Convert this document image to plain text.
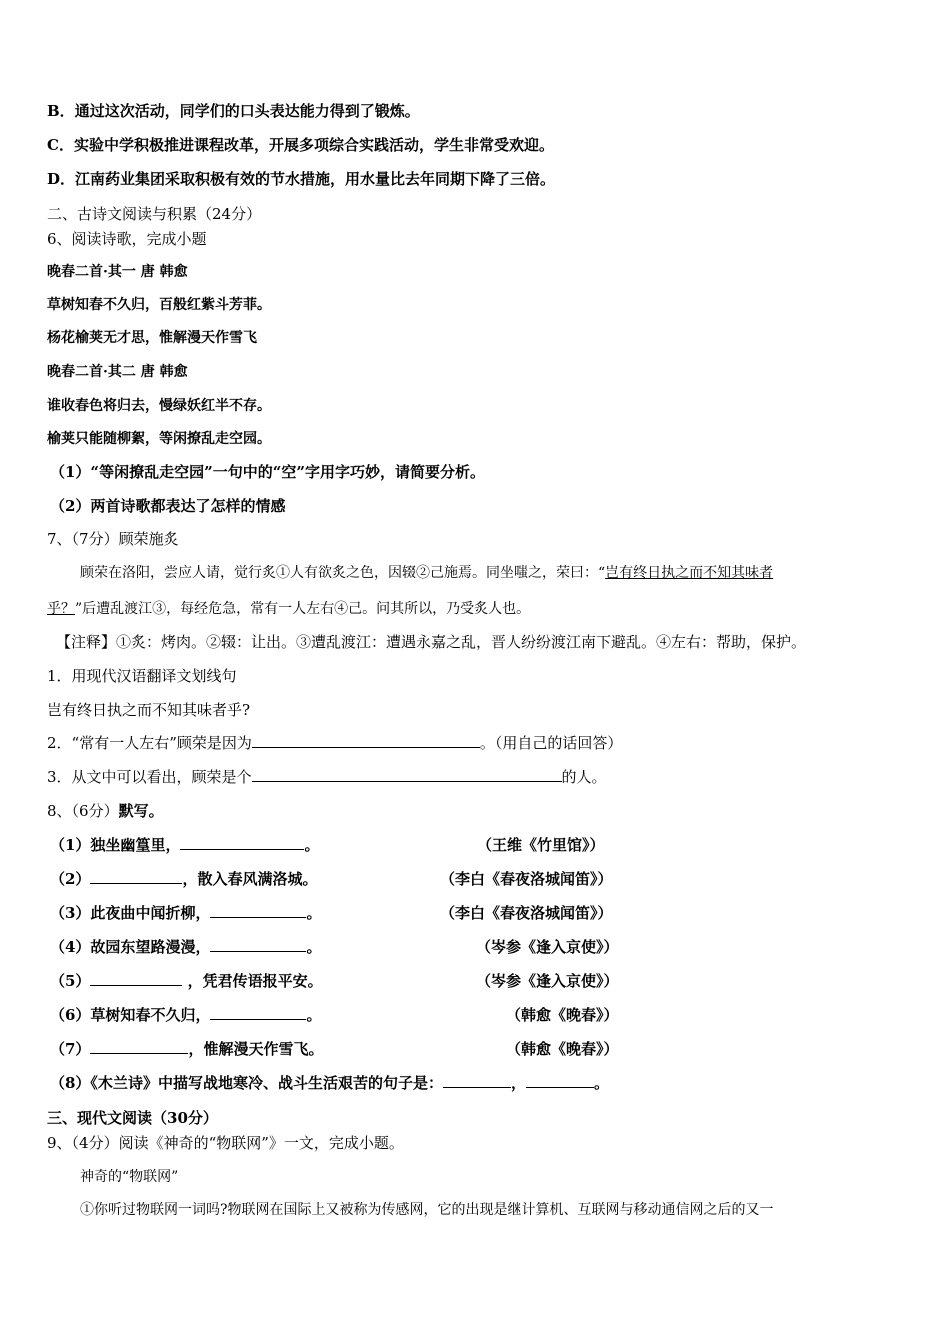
B．通过这次活动，同学们的口头表达能力得到了锻炼。
C．实验中学积极推进课程改革，开展多项综合实践活动，学生非常受欢迎。
D．江南药业集团采取积极有效的节水措施，用水量比去年同期下降了三倍。
二、古诗文阅读与积累（24分）
6、阅读诗歌，完成小题
晚春二首·其一 唐 韩愈
草树知春不久归，百般红紫斗芳菲。
杨花榆荚无才思，惟解漫天作雪飞
晚春二首·其二 唐 韩愈
谁收春色将归去，慢绿妖红半不存。
榆荚只能随柳絮，等闲撩乱走空园。
（1）“等闲撩乱走空园”一句中的“空”字用字巧妙，请简要分析。
（2）两首诗歌都表达了怎样的情感
7、（7分）顾荣施炙
顾荣在洛阳，尝应人请，觉行炙①人有欲炙之色，因辍②己施焉。同坐嗤之，荣曰：“岂有终日执之而不知其味者
乎？”后遭乱渡江③，每经危急，常有一人左右④己。问其所以，乃受炙人也。
【注释】①炙：烤肉。②辍：让出。③遭乱渡江：遭遇永嘉之乱，晋人纷纷渡江南下避乱。④左右：帮助，保护。
1．用现代汉语翻译文划线句
岂有终日执之而不知其味者乎?
2．“常有一人左右”顾荣是因为	。（用自己的话回答）
3．从文中可以看出，顾荣是个	的人。
8、（6分）默写。
（1）独坐幽篁里，	。	（王维《竹里馆》）
（2）	，散入春风满洛城。	（李白《春夜洛城闻笛》）
（3）此夜曲中闻折柳，	。	（李白《春夜洛城闻笛》）
（4）故园东望路漫漫，	。	（岑参《逢入京使》）
（5）	，凭君传语报平安。	（岑参《逢入京使》）
（6）草树知春不久归，	。	（韩愈《晚春》）
（7）	，惟解漫天作雪飞。	（韩愈《晚春》）
（8）《木兰诗》中描写战地寒冷、战斗生活艰苦的句子是：	，	。
三、现代文阅读（30分）
9、（4分）阅读《神奇的“物联网”》一文，完成小题。
神奇的“物联网”
①你听过物联网一词吗?物联网在国际上又被称为传感网，它的出现是继计算机、互联网与移动通信网之后的又一
